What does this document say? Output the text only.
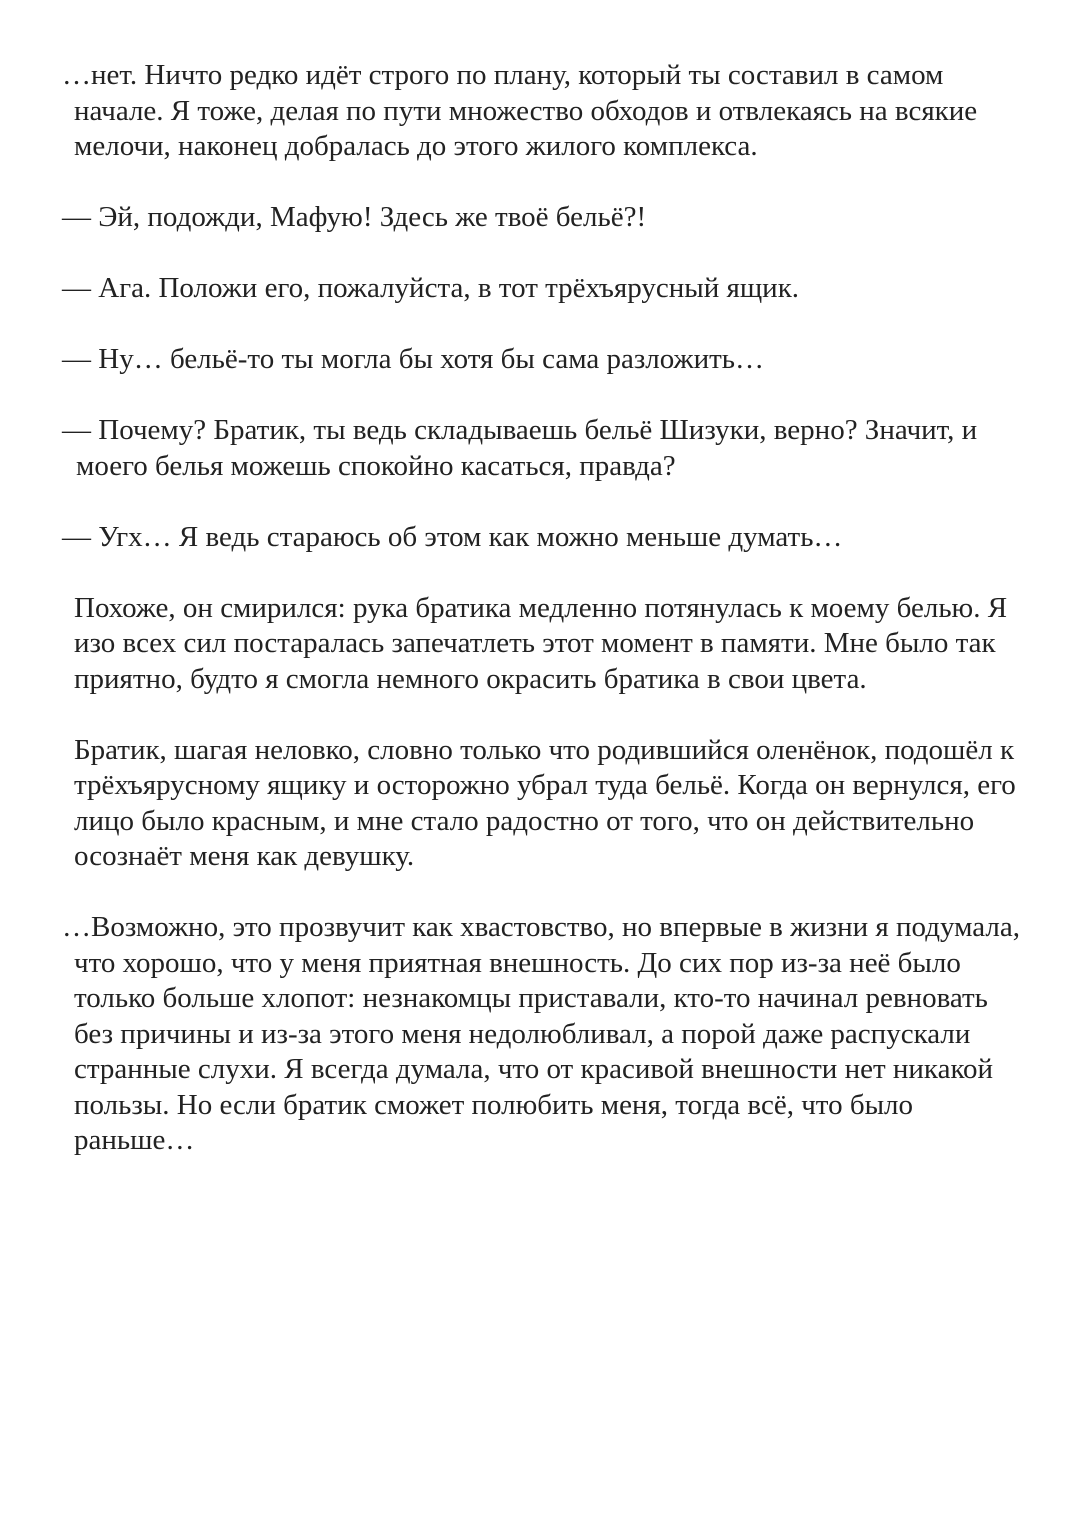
…нет. Ничто редко идёт строго по плану, который ты составил в самом начале. Я тоже, делая по пути множество обходов и отвлекаясь на всякие мелочи, наконец добралась до этого жилого комплекса.

— Эй, подожди, Мафую! Здесь же твоё бельё?!

— Ага. Положи его, пожалуйста, в тот трёхъярусный ящик.

— Ну… бельё-то ты могла бы хотя бы сама разложить…

— Почему? Братик, ты ведь складываешь бельё Шизуки, верно? Значит, и моего белья можешь спокойно касаться, правда?

— Угх… Я ведь стараюсь об этом как можно меньше думать…

Похоже, он смирился: рука братика медленно потянулась к моему белью. Я изо всех сил постаралась запечатлеть этот момент в памяти. Мне было так приятно, будто я смогла немного окрасить братика в свои цвета.

Братик, шагая неловко, словно только что родившийся оленёнок, подошёл к трёхъярусному ящику и осторожно убрал туда бельё. Когда он вернулся, его лицо было красным, и мне стало радостно от того, что он действительно осознаёт меня как девушку.

…Возможно, это прозвучит как хвастовство, но впервые в жизни я подумала, что хорошо, что у меня приятная внешность. До сих пор из-за неё было только больше хлопот: незнакомцы приставали, кто-то начинал ревновать без причины и из-за этого меня недолюбливал, а порой даже распускали странные слухи. Я всегда думала, что от красивой внешности нет никакой пользы. Но если братик сможет полюбить меня, тогда всё, что было раньше…
